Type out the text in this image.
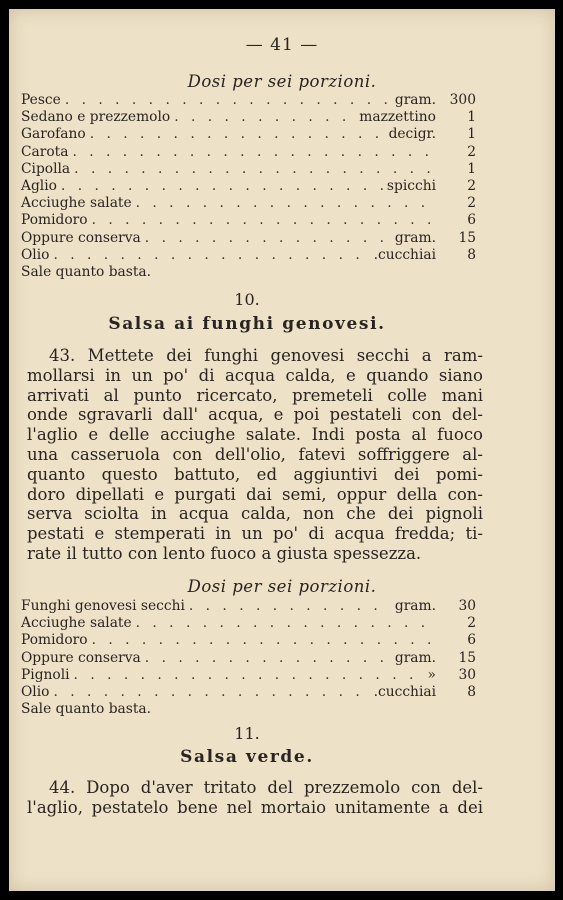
— 41 —
Dosi per sei porzioni.
Pesce . . .	gram. 300
Sedano e prezzemolo . . .	mazzettino	1
Garofano . . .	decigr.	1
Carota . . .	2
Cipolla . . .	1
Aglio . . .	spicchi	2
Acciughe salate . . .	2
Pomidoro . . .	6
Oppure conserva . . .	gram.	15
Olio . . .	.cucchiai	8
Sale quanto basta.
10.
Salsa ai funghi genovesi.
43. Mettete dei funghi genovesi secchi a ram-
mollarsi in un po' di acqua calda, e quando siano
arrivati al punto ricercato, premeteli colle mani
onde sgravarli dall' acqua, e poi pestateli con del-
l'aglio e delle acciughe salate. Indi posta al fuoco
una casseruola con dell'olio, fatevi soffriggere al-
quanto questo battuto, ed aggiuntivi dei pomi-
doro dipellati e purgati dai semi, oppur della con-
serva sciolta in acqua calda, non che dei pignoli
pestati e stemperati in un po' di acqua fredda; ti-
rate il tutto con lento fuoco a giusta spessezza.
Dosi per sei porzioni.
Funghi genovesi secchi . . .	gram.	30
Acciughe salate . . .	2
Pomidoro . . .	6
Oppure conserva . . .	gram.	15
Pignoli . . .	»	30
Olio . . .	.cucchiai	8
Sale quanto basta.
11.
Salsa verde.
44. Dopo d'aver tritato del prezzemolo con del-
l'aglio, pestatelo bene nel mortaio unitamente a dei
